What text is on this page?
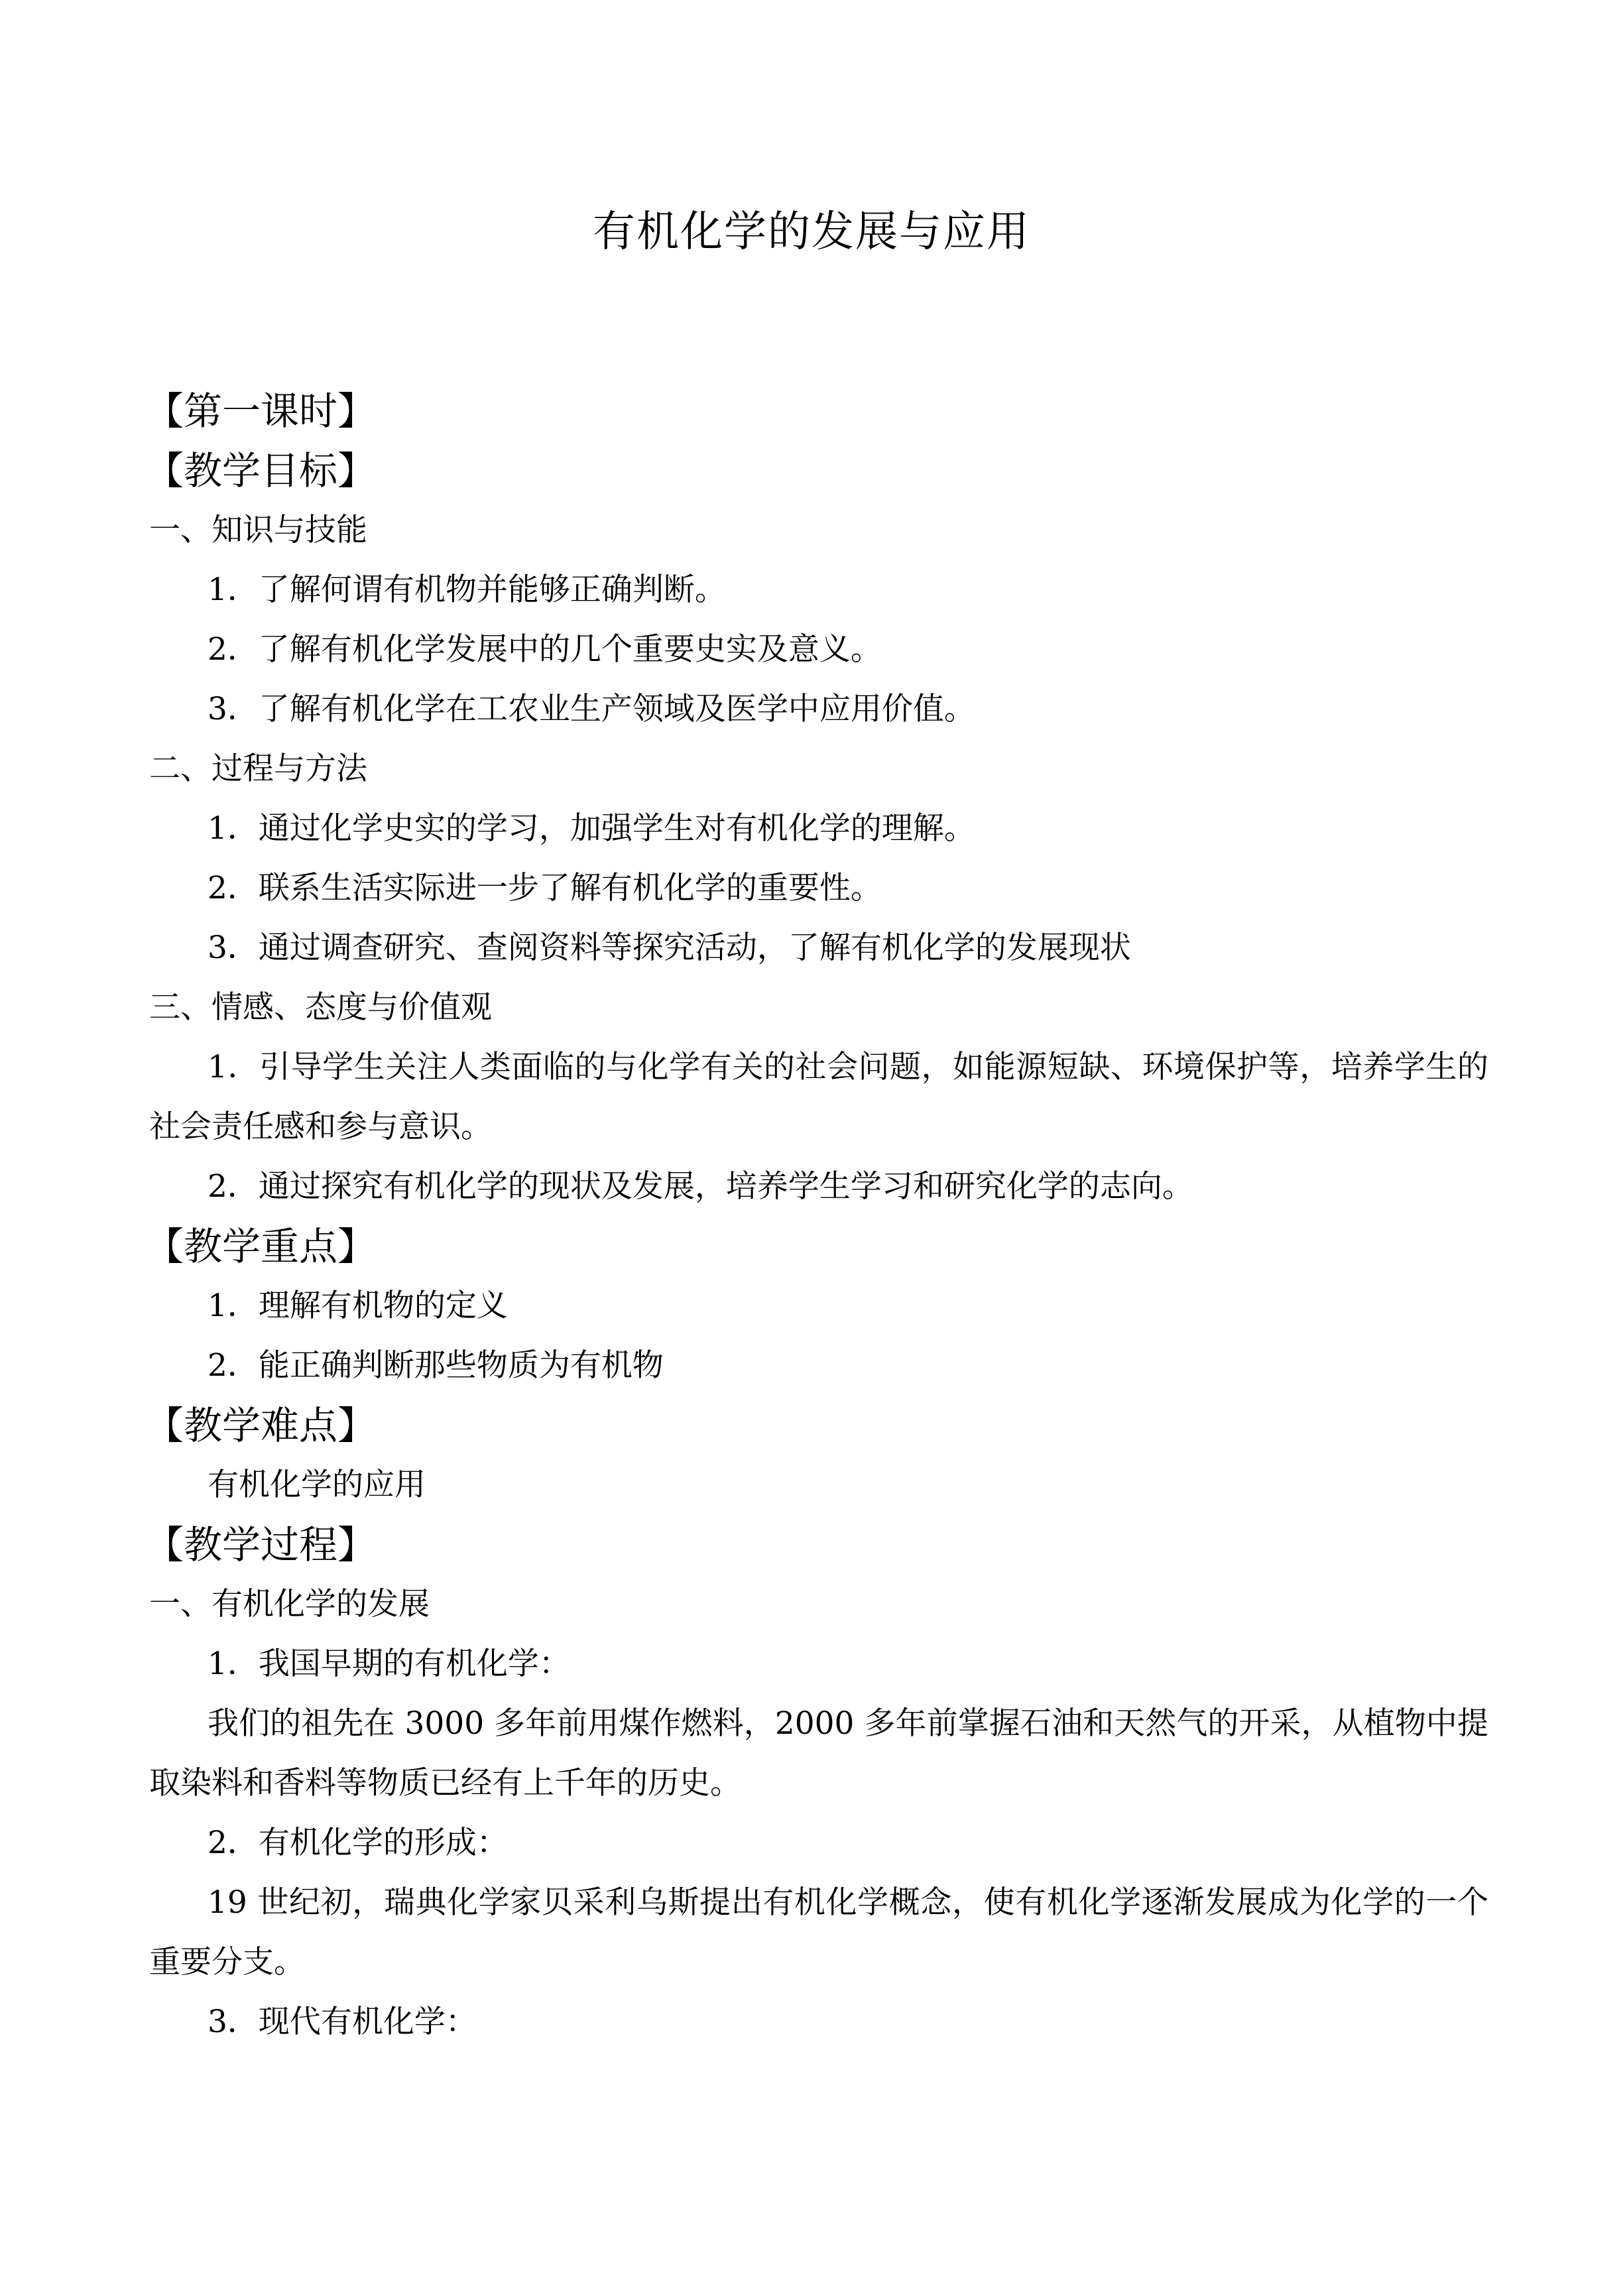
有机化学的发展与应用
【第一课时】
【教学目标】
一、知识与技能
1．了解何谓有机物并能够正确判断。
2．了解有机化学发展中的几个重要史实及意义。
3．了解有机化学在工农业生产领域及医学中应用价值。
二、过程与方法
1．通过化学史实的学习，加强学生对有机化学的理解。
2．联系生活实际进一步了解有机化学的重要性。
3．通过调查研究、查阅资料等探究活动，了解有机化学的发展现状
三、情感、态度与价值观
1．引导学生关注人类面临的与化学有关的社会问题，如能源短缺、环境保护等，培养学生的社会责任感和参与意识。
2．通过探究有机化学的现状及发展，培养学生学习和研究化学的志向。
【教学重点】
1．理解有机物的定义
2．能正确判断那些物质为有机物
【教学难点】
有机化学的应用
【教学过程】
一、有机化学的发展
1．我国早期的有机化学：
我们的祖先在 3000 多年前用煤作燃料，2000 多年前掌握石油和天然气的开采，从植物中提取染料和香料等物质已经有上千年的历史。
2．有机化学的形成：
19 世纪初，瑞典化学家贝采利乌斯提出有机化学概念，使有机化学逐渐发展成为化学的一个重要分支。
3．现代有机化学：
